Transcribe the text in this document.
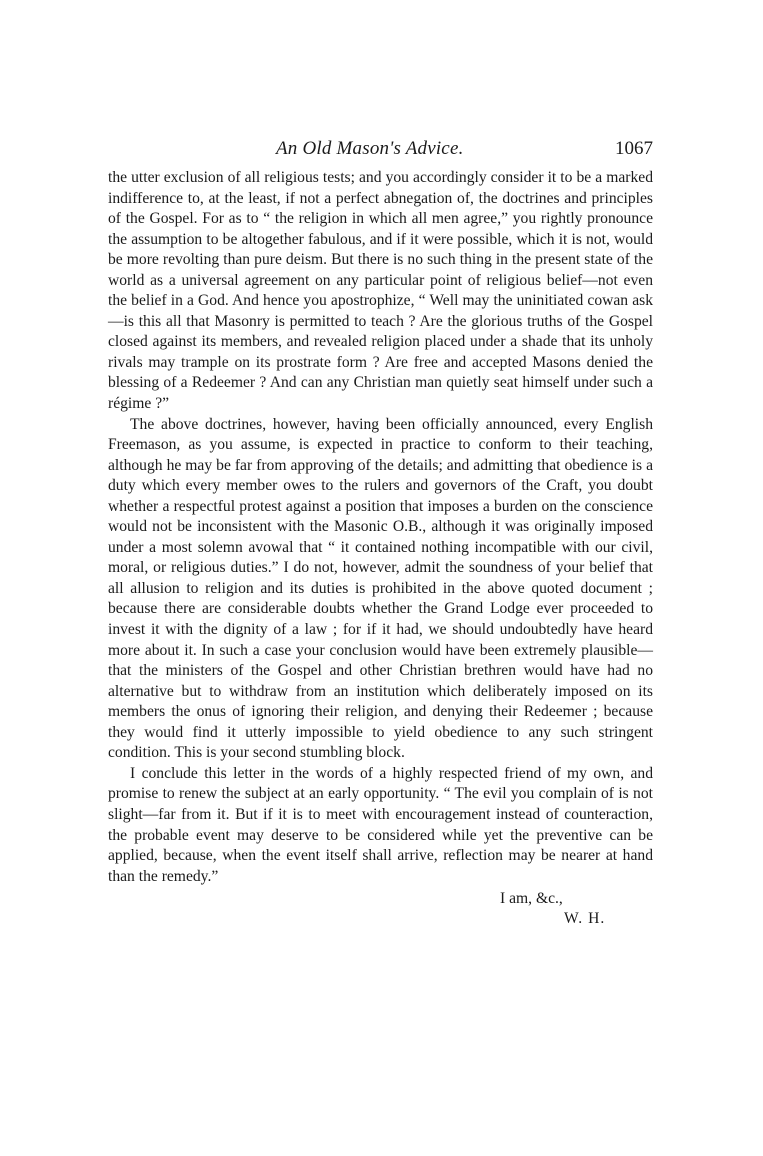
An Old Mason's Advice.	1067

the utter exclusion of all religious tests; and you accordingly consider it to be a marked indifference to, at the least, if not a perfect abnegation of, the doctrines and principles of the Gospel. For as to “ the religion in which all men agree,” you rightly pronounce the assumption to be altogether fabulous, and if it were possible, which it is not, would be more revolting than pure deism. But there is no such thing in the present state of the world as a universal agreement on any particular point of religious belief—not even the belief in a God. And hence you apostrophize, “ Well may the uninitiated cowan ask—is this all that Masonry is permitted to teach ? Are the glorious truths of the Gospel closed against its members, and revealed religion placed under a shade that its unholy rivals may trample on its prostrate form ? Are free and accepted Masons denied the blessing of a Redeemer ? And can any Christian man quietly seat himself under such a régime ?”

The above doctrines, however, having been officially announced, every English Freemason, as you assume, is expected in practice to conform to their teaching, although he may be far from approving of the details; and admitting that obedience is a duty which every member owes to the rulers and governors of the Craft, you doubt whether a respectful protest against a position that imposes a burden on the conscience would not be inconsistent with the Masonic O.B., although it was originally imposed under a most solemn avowal that “ it contained nothing incompatible with our civil, moral, or religious duties.” I do not, however, admit the soundness of your belief that all allusion to religion and its duties is prohibited in the above quoted document ; because there are considerable doubts whether the Grand Lodge ever proceeded to invest it with the dignity of a law ; for if it had, we should undoubtedly have heard more about it. In such a case your conclusion would have been extremely plausible—that the ministers of the Gospel and other Christian brethren would have had no alternative but to withdraw from an institution which deliberately imposed on its members the onus of ignoring their religion, and denying their Redeemer ; because they would find it utterly impossible to yield obedience to any such stringent condition. This is your second stumbling block.

I conclude this letter in the words of a highly respected friend of my own, and promise to renew the subject at an early opportunity. “ The evil you complain of is not slight—far from it. But if it is to meet with encouragement instead of counteraction, the probable event may deserve to be considered while yet the preventive can be applied, because, when the event itself shall arrive, reflection may be nearer at hand than the remedy.”

I am, &c.,
W. H.
